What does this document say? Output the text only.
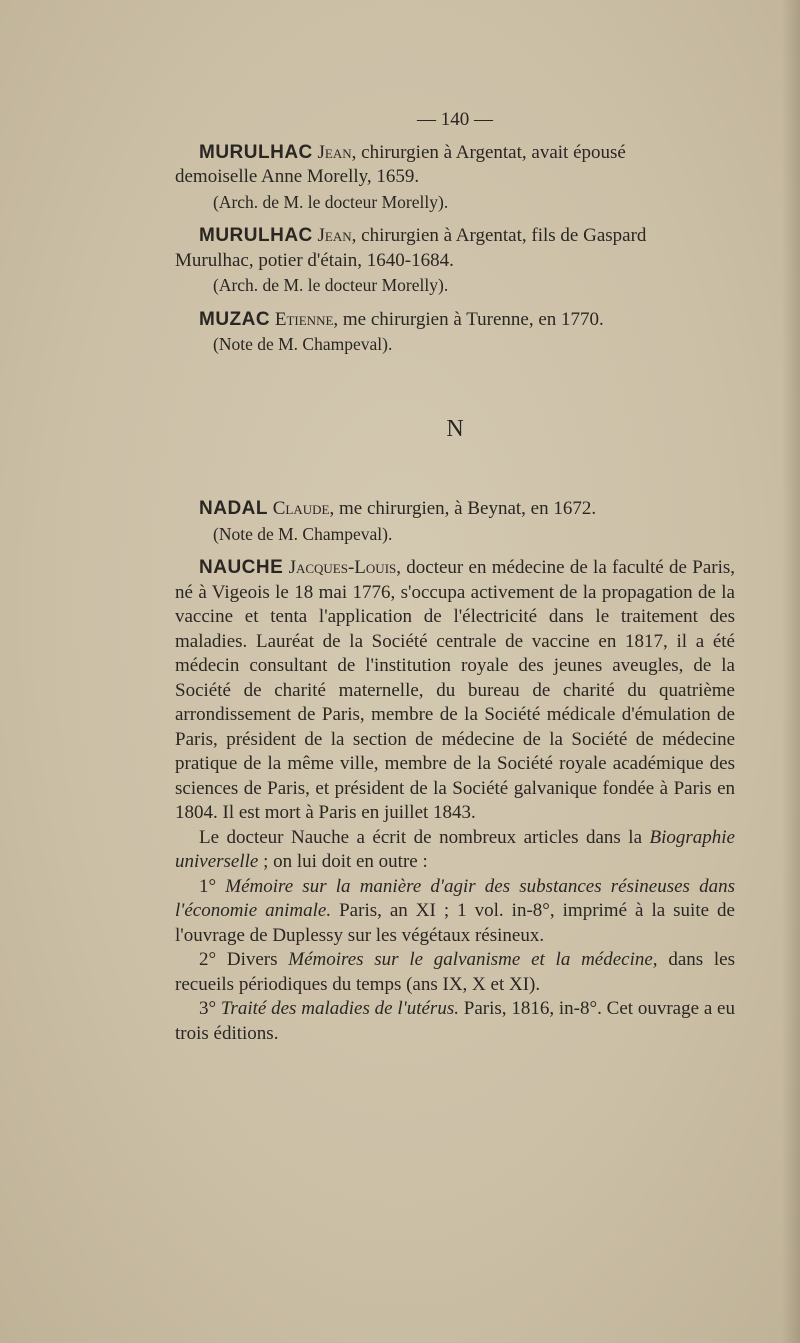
— 140 —

MURULHAC Jean, chirurgien à Argentat, avait épousé

demoiselle Anne Morelly, 1659.

(Arch. de M. le docteur Morelly).

MURULHAC Jean, chirurgien à Argentat, fils de Gaspard

Murulhac, potier d'étain, 1640-1684.

(Arch. de M. le docteur Morelly).

MUZAC Etienne, me chirurgien à Turenne, en 1770.

(Note de M. Champeval).

N

NADAL Claude, me chirurgien, à Beynat, en 1672.

(Note de M. Champeval).

NAUCHE Jacques-Louis, docteur en médecine de la faculté de Paris, né à Vigeois le 18 mai 1776, s'occupa activement de la propagation de la vaccine et tenta l'application de l'électricité dans le traitement des maladies. Lauréat de la Société centrale de vaccine en 1817, il a été médecin consultant de l'institution royale des jeunes aveugles, de la Société de charité maternelle, du bureau de charité du quatrième arrondissement de Paris, membre de la Société médicale d'émulation de Paris, président de la section de médecine de la Société de médecine pratique de la même ville, membre de la Société royale académique des sciences de Paris, et président de la Société galvanique fondée à Paris en 1804. Il est mort à Paris en juillet 1843.

Le docteur Nauche a écrit de nombreux articles dans la Biographie universelle ; on lui doit en outre :

1° Mémoire sur la manière d'agir des substances résineuses dans l'économie animale. Paris, an XI ; 1 vol. in-8°, imprimé à la suite de l'ouvrage de Duplessy sur les végétaux résineux.

2° Divers Mémoires sur le galvanisme et la médecine, dans les recueils périodiques du temps (ans IX, X et XI).

3° Traité des maladies de l'utérus. Paris, 1816, in-8°. Cet ouvrage a eu trois éditions.
